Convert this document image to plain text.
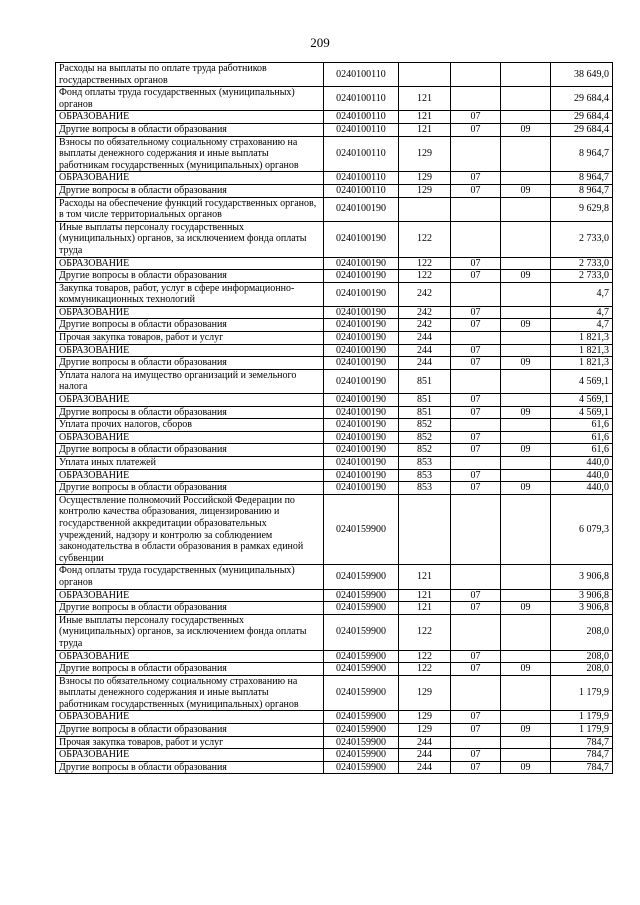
209
Расходы на выплаты по оплате труда работников государственных органов	0240100110				38 649,0
Фонд оплаты труда государственных (муниципальных) органов	0240100110	121			29 684,4
ОБРАЗОВАНИЕ	0240100110	121	07		29 684,4
Другие вопросы в области образования	0240100110	121	07	09	29 684,4
Взносы по обязательному социальному страхованию на выплаты денежного содержания и иные выплаты работникам государственных (муниципальных) органов	0240100110	129			8 964,7
ОБРАЗОВАНИЕ	0240100110	129	07		8 964,7
Другие вопросы в области образования	0240100110	129	07	09	8 964,7
Расходы на обеспечение функций государственных органов, в том числе территориальных органов	0240100190				9 629,8
Иные выплаты персоналу государственных (муниципальных) органов, за исключением фонда оплаты труда	0240100190	122			2 733,0
ОБРАЗОВАНИЕ	0240100190	122	07		2 733,0
Другие вопросы в области образования	0240100190	122	07	09	2 733,0
Закупка товаров, работ, услуг в сфере информационно-коммуникационных технологий	0240100190	242			4,7
ОБРАЗОВАНИЕ	0240100190	242	07		4,7
Другие вопросы в области образования	0240100190	242	07	09	4,7
Прочая закупка товаров, работ и услуг	0240100190	244			1 821,3
ОБРАЗОВАНИЕ	0240100190	244	07		1 821,3
Другие вопросы в области образования	0240100190	244	07	09	1 821,3
Уплата налога на имущество организаций и земельного налога	0240100190	851			4 569,1
ОБРАЗОВАНИЕ	0240100190	851	07		4 569,1
Другие вопросы в области образования	0240100190	851	07	09	4 569,1
Уплата прочих налогов, сборов	0240100190	852			61,6
ОБРАЗОВАНИЕ	0240100190	852	07		61,6
Другие вопросы в области образования	0240100190	852	07	09	61,6
Уплата иных платежей	0240100190	853			440,0
ОБРАЗОВАНИЕ	0240100190	853	07		440,0
Другие вопросы в области образования	0240100190	853	07	09	440,0
Осуществление полномочий Российской Федерации по контролю качества образования, лицензированию и государственной аккредитации образовательных учреждений, надзору и контролю за соблюдением законодательства в области образования в рамках единой субвенции	0240159900				6 079,3
Фонд оплаты труда государственных (муниципальных) органов	0240159900	121			3 906,8
ОБРАЗОВАНИЕ	0240159900	121	07		3 906,8
Другие вопросы в области образования	0240159900	121	07	09	3 906,8
Иные выплаты персоналу государственных (муниципальных) органов, за исключением фонда оплаты труда	0240159900	122			208,0
ОБРАЗОВАНИЕ	0240159900	122	07		208,0
Другие вопросы в области образования	0240159900	122	07	09	208,0
Взносы по обязательному социальному страхованию на выплаты денежного содержания и иные выплаты работникам государственных (муниципальных) органов	0240159900	129			1 179,9
ОБРАЗОВАНИЕ	0240159900	129	07		1 179,9
Другие вопросы в области образования	0240159900	129	07	09	1 179,9
Прочая закупка товаров, работ и услуг	0240159900	244			784,7
ОБРАЗОВАНИЕ	0240159900	244	07		784,7
Другие вопросы в области образования	0240159900	244	07	09	784,7
